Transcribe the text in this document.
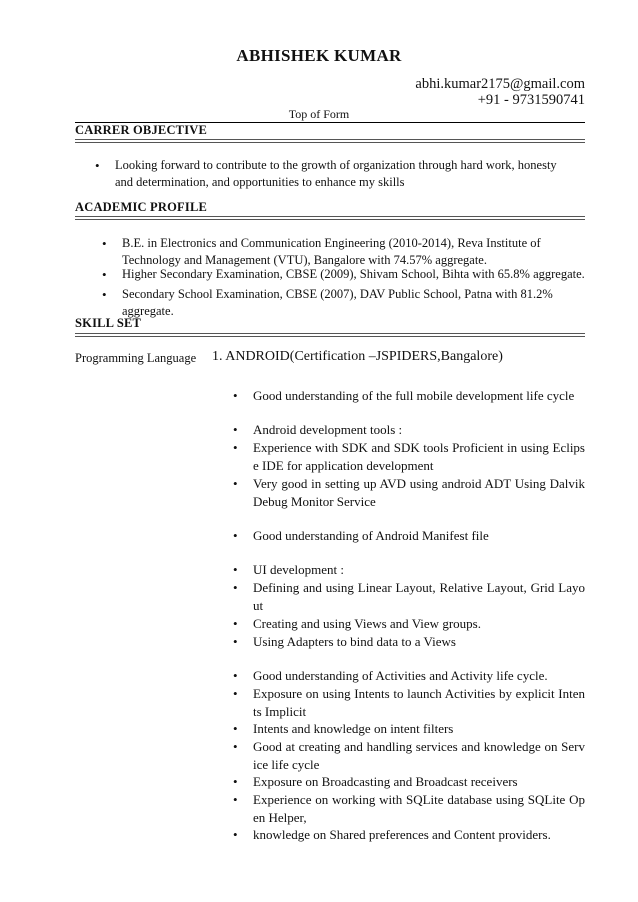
ABHISHEK KUMAR
abhi.kumar2175@gmail.com
+91 - 9731590741
Top of Form
CARRER OBJECTIVE
• Looking forward to contribute to the growth of organization through hard work, honesty and determination, and opportunities to enhance my skills
ACADEMIC PROFILE
• B.E. in Electronics and Communication Engineering (2010-2014), Reva Institute of Technology and Management (VTU), Bangalore with 74.57% aggregate.
• Higher Secondary Examination, CBSE (2009), Shivam School, Bihta with 65.8% aggregate.
• Secondary School Examination, CBSE (2007), DAV Public School, Patna with 81.2% aggregate.
SKILL SET
Programming Language 1. ANDROID(Certification –JSPIDERS,Bangalore)
• Good understanding of the full mobile development life cycle
• Android development tools :
• Experience with SDK and SDK tools Proficient in using Eclips e IDE for application development
• Very good in setting up AVD using android ADT Using Dalvik Debug Monitor Service
• Good understanding of Android Manifest file
• UI development :
• Defining and using Linear Layout, Relative Layout, Grid Layo ut
• Creating and using Views and View groups.
• Using Adapters to bind data to a Views
• Good understanding of Activities and Activity life cycle.
• Exposure on using Intents to launch Activities by explicit Inten ts Implicit
• Intents and knowledge on intent filters
• Good at creating and handling services and knowledge on Serv ice life cycle
• Exposure on Broadcasting and Broadcast receivers
• Experience on working with SQLite database using SQLite Op en Helper,
• knowledge on Shared preferences and Content providers.
